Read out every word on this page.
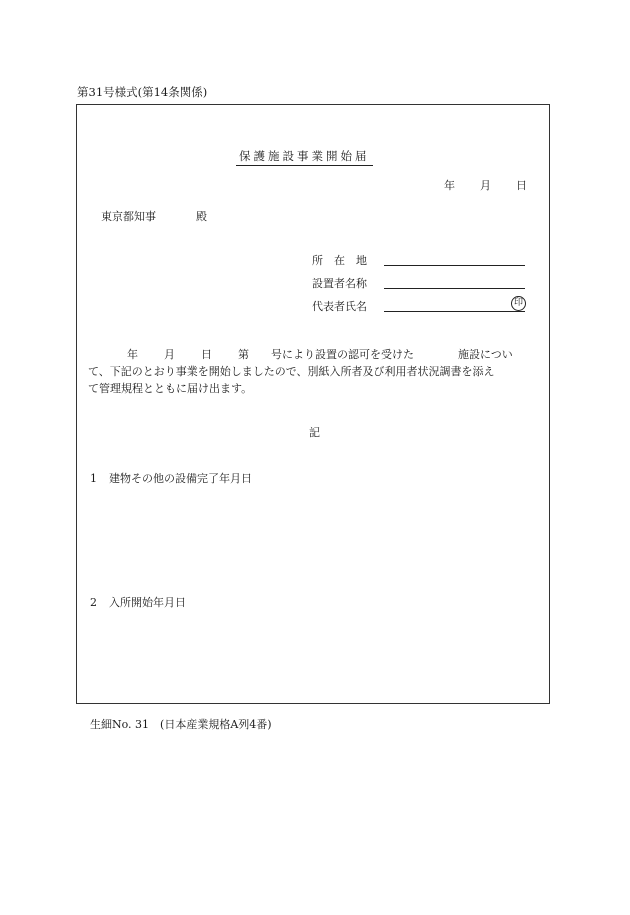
第31号様式(第14条関係)
保護施設事業開始届
年 月 日
東京都知事	殿
所　在　地
設置者名称
代表者氏名	印
年 月 日 第 号により設置の認可を受けた	施設につい
て、下記のとおり事業を開始しましたので、別紙入所者及び利用者状況調書を添え
て管理規程とともに届け出ます。
記
1 建物その他の設備完了年月日
2 入所開始年月日
生細No. 31　(日本産業規格A列4番)
